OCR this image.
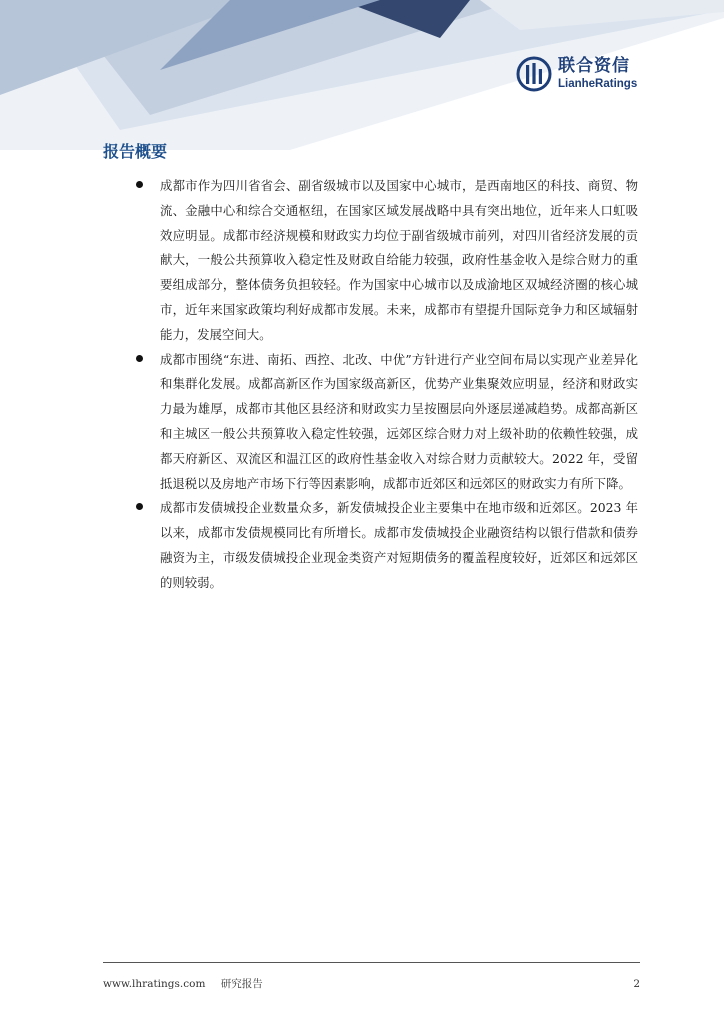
联合资信
LianheRatings
报告概要
成都市作为四川省省会、副省级城市以及国家中心城市，是西南地区的科技、商贸、物流、金融中心和综合交通枢纽，在国家区域发展战略中具有突出地位，近年来人口虹吸效应明显。成都市经济规模和财政实力均位于副省级城市前列，对四川省经济发展的贡献大，一般公共预算收入稳定性及财政自给能力较强，政府性基金收入是综合财力的重要组成部分，整体债务负担较轻。作为国家中心城市以及成渝地区双城经济圈的核心城市，近年来国家政策均利好成都市发展。未来，成都市有望提升国际竞争力和区域辐射能力，发展空间大。
成都市围绕“东进、南拓、西控、北改、中优”方针进行产业空间布局以实现产业差异化和集群化发展。成都高新区作为国家级高新区，优势产业集聚效应明显，经济和财政实力最为雄厚，成都市其他区县经济和财政实力呈按圈层向外逐层递减趋势。成都高新区和主城区一般公共预算收入稳定性较强，远郊区综合财力对上级补助的依赖性较强，成都天府新区、双流区和温江区的政府性基金收入对综合财力贡献较大。2022 年，受留抵退税以及房地产市场下行等因素影响，成都市近郊区和远郊区的财政实力有所下降。
成都市发债城投企业数量众多，新发债城投企业主要集中在地市级和近郊区。2023 年以来，成都市发债规模同比有所增长。成都市发债城投企业融资结构以银行借款和债券融资为主，市级发债城投企业现金类资产对短期债务的覆盖程度较好，近郊区和远郊区的则较弱。
www.lhratings.com 研究报告	2
